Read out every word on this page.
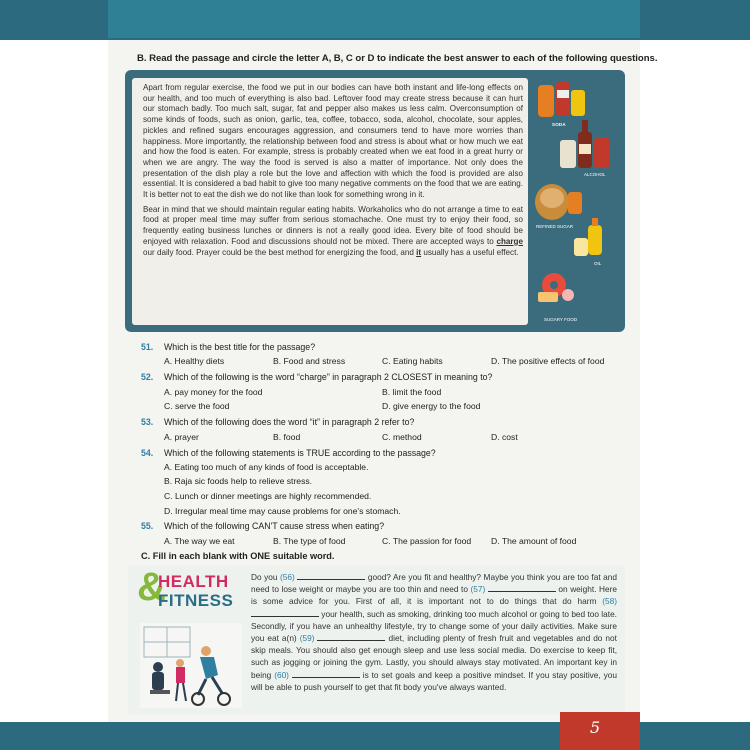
B. Read the passage and circle the letter A, B, C or D to indicate the best answer to each of the following questions.

Apart from regular exercise, the food we put in our bodies can have both instant and life-long effects on our health, and too much of everything is also bad. Leftover food may create stress because it can hurt our stomach badly. Too much salt, sugar, fat and pepper also makes us less calm. Overconsumption of some kinds of foods, such as onion, garlic, tea, coffee, tobacco, soda, alcohol, chocolate, sour apples, pickles and refined sugars encourages aggression, and consumers tend to have more worries than happiness. More importantly, the relationship between food and stress is about what or how much we eat and how the food is eaten. For example, stress is probably created when we eat food in a great hurry or when we are angry. The way the food is served is also a matter of importance. Not only does the presentation of the dish play a role but the love and affection with which the food is provided are also essential. It is considered a bad habit to give too many negative comments on the food that we are eating. It is better not to eat the dish we do not like than look for something wrong in it.

Bear in mind that we should maintain regular eating habits. Workaholics who do not arrange a time to eat food at proper meal time may suffer from serious stomachache. One must try to enjoy their food, so frequently eating business lunches or dinners is not a really good idea. Every bite of food should be enjoyed with relaxation. Food and discussions should not be mixed. There are accepted ways to charge our daily food. Prayer could be the best method for energizing the food, and it usually has a useful effect.

SODA
ALCOHOL
REFINED SUGAR
OIL
SUGARY FOOD
51. Which is the best title for the passage?
A. Healthy diets	B. Food and stress	C. Eating habits	D. The positive effects of food
52. Which of the following is the word “charge” in paragraph 2 CLOSEST in meaning to?
A. pay money for the food	B. limit the food
C. serve the food	D. give energy to the food
53. Which of the following does the word “it” in paragraph 2 refer to?
A. prayer	B. food	C. method	D. cost
54. Which of the following statements is TRUE according to the passage?
A. Eating too much of any kinds of food is acceptable.
B. Raja sic foods help to relieve stress.
C. Lunch or dinner meetings are highly recommended.
D. Irregular meal time may cause problems for one's stomach.
55. Which of the following CAN'T cause stress when eating?
A. The way we eat	B. The type of food	C. The passion for food D. The amount of food
C. Fill in each blank with ONE suitable word.
&
HEALTH
FITNESS
Do you (56)	good? Are you fit and healthy? Maybe you think you are too fat and need to lose weight or maybe you are too thin and need to (57)	on weight. Here is some advice for you. First of all, it is important not to do things that do harm (58)  your health, such as smoking, drinking too much alcohol or going to bed too late. Secondly, if you have an unhealthy lifestyle, try to change some of your daily activities. Make sure you eat a(n) (59)	diet, including plenty of fresh fruit and vegetables and do not skip meals. You should also get enough sleep and use less social media. Do exercise to keep fit, such as jogging or joining the gym. Lastly, you should always stay motivated. An important key in being (60)	is to set goals and keep a positive mindset. If you stay positive, you will be able to push yourself to get that fit body you've always wanted.
5
